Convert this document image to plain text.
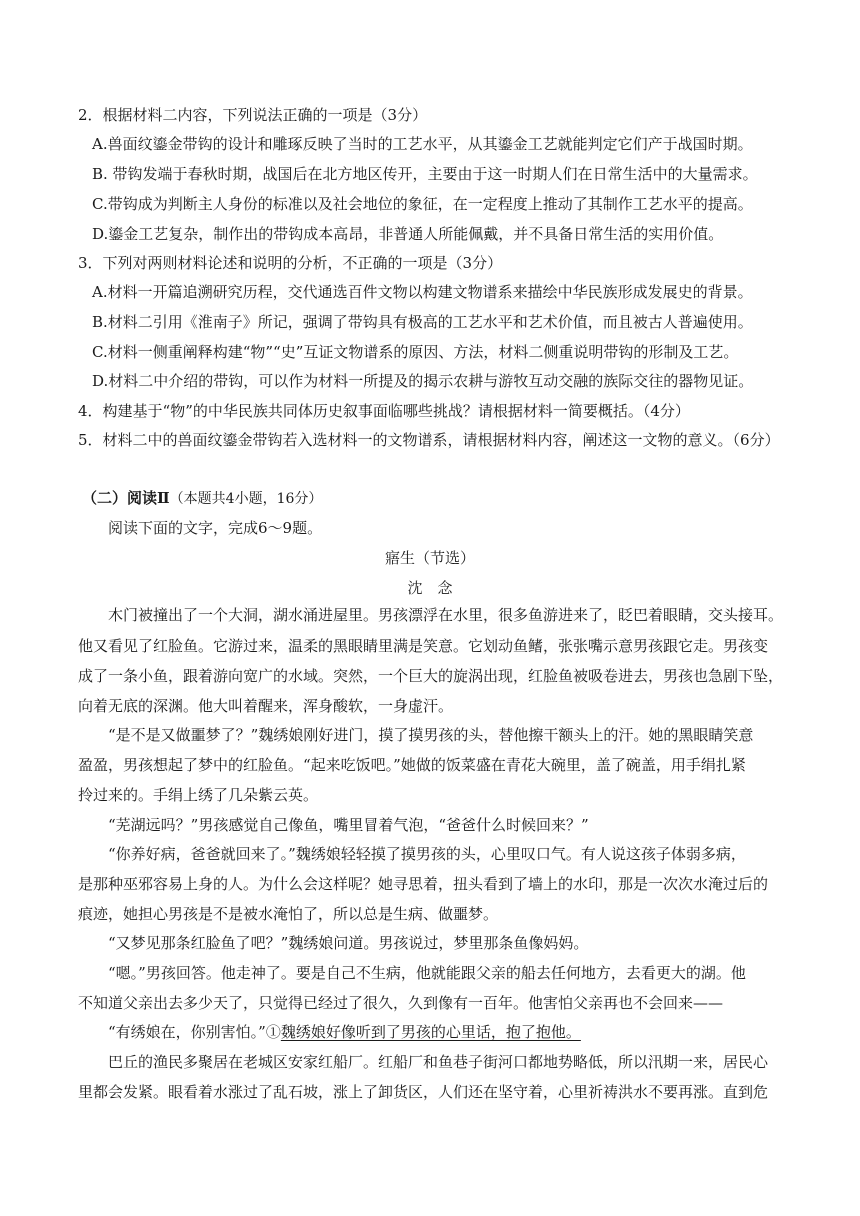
2．根据材料二内容，下列说法正确的一项是（3分）
A.兽面纹鎏金带钩的设计和雕琢反映了当时的工艺水平，从其鎏金工艺就能判定它们产于战国时期。
B. 带钩发端于春秋时期，战国后在北方地区传开，主要由于这一时期人们在日常生活中的大量需求。
C.带钩成为判断主人身份的标准以及社会地位的象征，在一定程度上推动了其制作工艺水平的提高。
D.鎏金工艺复杂，制作出的带钩成本高昂，非普通人所能佩戴，并不具备日常生活的实用价值。
3．下列对两则材料论述和说明的分析，不正确的一项是（3分）
A.材料一开篇追溯研究历程，交代通选百件文物以构建文物谱系来描绘中华民族形成发展史的背景。
B.材料二引用《淮南子》所记，强调了带钩具有极高的工艺水平和艺术价值，而且被古人普遍使用。
C.材料一侧重阐释构建“物”“史”互证文物谱系的原因、方法，材料二侧重说明带钩的形制及工艺。
D.材料二中介绍的带钩，可以作为材料一所提及的揭示农耕与游牧互动交融的族际交往的器物见证。
4．构建基于“物”的中华民族共同体历史叙事面临哪些挑战？请根据材料一简要概括。（4分）
5．材料二中的兽面纹鎏金带钩若入选材料一的文物谱系，请根据材料内容，阐述这一文物的意义。（6分）
（二）阅读Ⅱ（本题共4小题，16分）
阅读下面的文字，完成6～9题。
寤生（节选）
沈　念
木门被撞出了一个大洞，湖水涌进屋里。男孩漂浮在水里，很多鱼游进来了，眨巴着眼睛，交头接耳。
他又看见了红脸鱼。它游过来，温柔的黑眼睛里满是笑意。它划动鱼鳍，张张嘴示意男孩跟它走。男孩变
成了一条小鱼，跟着游向宽广的水域。突然，一个巨大的旋涡出现，红脸鱼被吸卷进去，男孩也急剧下坠，
向着无底的深渊。他大叫着醒来，浑身酸软，一身虚汗。
“是不是又做噩梦了？”魏绣娘刚好进门，摸了摸男孩的头，替他擦干额头上的汗。她的黑眼睛笑意
盈盈，男孩想起了梦中的红脸鱼。“起来吃饭吧。”她做的饭菜盛在青花大碗里，盖了碗盖，用手绢扎紧
拎过来的。手绢上绣了几朵紫云英。
“芜湖远吗？”男孩感觉自己像鱼，嘴里冒着气泡，“爸爸什么时候回来？”
“你养好病，爸爸就回来了。”魏绣娘轻轻摸了摸男孩的头，心里叹口气。有人说这孩子体弱多病，
是那种巫邪容易上身的人。为什么会这样呢？她寻思着，扭头看到了墙上的水印，那是一次次水淹过后的
痕迹，她担心男孩是不是被水淹怕了，所以总是生病、做噩梦。
“又梦见那条红脸鱼了吧？”魏绣娘问道。男孩说过，梦里那条鱼像妈妈。
“嗯。”男孩回答。他走神了。要是自己不生病，他就能跟父亲的船去任何地方，去看更大的湖。他
不知道父亲出去多少天了，只觉得已经过了很久，久到像有一百年。他害怕父亲再也不会回来——
“有绣娘在，你别害怕。”①魏绣娘好像听到了男孩的心里话，抱了抱他。
巴丘的渔民多聚居在老城区安家红船厂。红船厂和鱼巷子街河口都地势略低，所以汛期一来，居民心
里都会发紧。眼看着水涨过了乱石坡，涨上了卸货区，人们还在坚守着，心里祈祷洪水不要再涨。直到危
